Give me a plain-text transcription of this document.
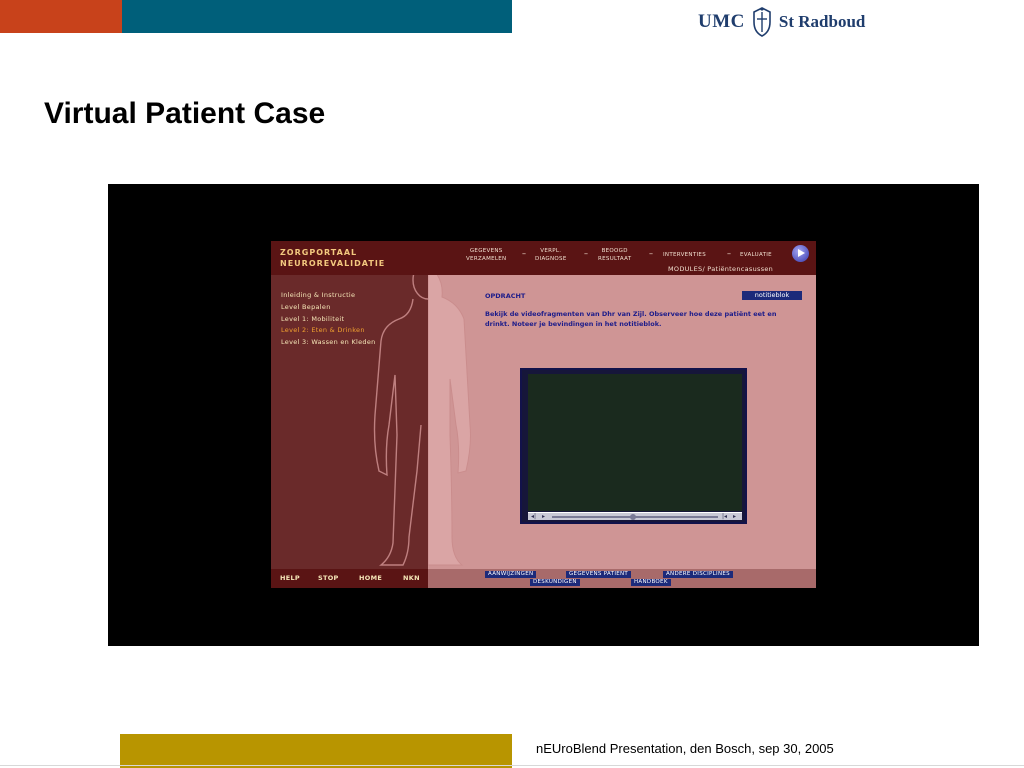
UMC St Radboud
Virtual Patient Case
ZORGPORTAAL
NEUROREVALIDATIE
GEGEVENS
VERZAMELEN
–	VERPL.
DIAGNOSE
–	BEOOGD
RESULTAAT
– INTERVENTIES	– EVALUATIE
MODULES/ Patiëntencasussen
Inleiding & Instructie
Level Bepalen
Level 1: Mobiliteit
Level 2: Eten & Drinken
Level 3: Wassen en Kleden
OPDRACHT	notitieblok
Bekijk de videofragmenten van Dhr van Zijl. Observeer hoe deze patiënt eet en drinkt. Noteer je bevindingen in het notitieblok.
◂| ▸	|◂ ▸
HELP	STOP	HOME	NKN	AANWIJZINGEN	GEGEVENS PATIENT	ANDERE DISCIPLINES
DESKUNDIGEN	HANDBOEK
nEUroBlend Presentation, den Bosch, sep 30, 2005
